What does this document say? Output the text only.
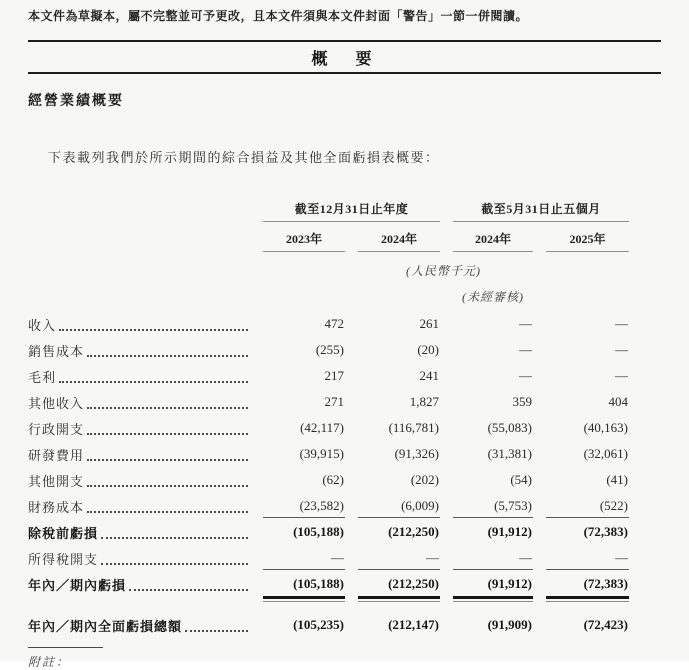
本文件為草擬本，屬不完整並可予更改，且本文件須與本文件封面「警告」一節一併閱讀。
概　要
經營業績概要
下表載列我們於所示期間的綜合損益及其他全面虧損表概要：
截至12月31日止年度	截至5月31日止五個月
2023年	2024年	2024年	2025年
(人民幣千元)
(未經審核)
收入	472	261	—	—
銷售成本	(255)	(20)	—	—
毛利	217	241	—	—
其他收入	271	1,827	359	404
行政開支	(42,117)	(116,781)	(55,083)	(40,163)
研發費用	(39,915)	(91,326)	(31,381)	(32,061)
其他開支	(62)	(202)	(54)	(41)
財務成本	(23,582)	(6,009)	(5,753)	(522)
除稅前虧損	(105,188)	(212,250)	(91,912)	(72,383)
所得稅開支	—	—	—	—
年內／期內虧損	(105,188)	(212,250)	(91,912)	(72,383)
年內／期內全面虧損總額	(105,235)	(212,147)	(91,909)	(72,423)
附註：
